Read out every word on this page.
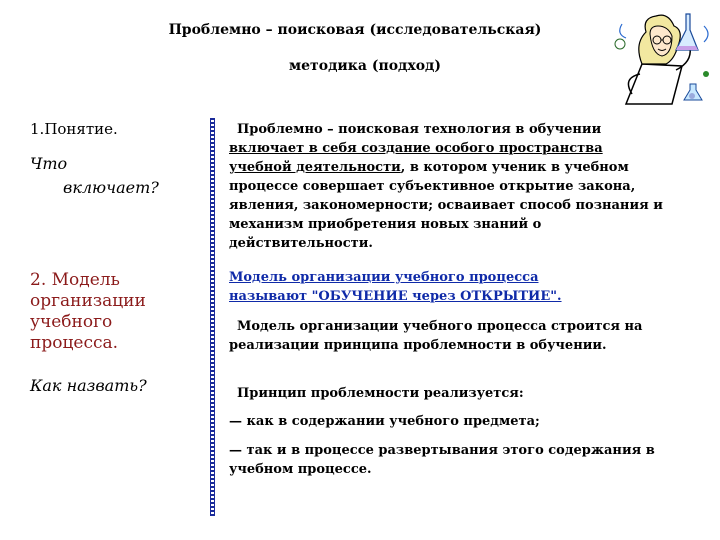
Проблемно – поисковая (исследовательская)
методика (подход)
1.Понятие.
Что
включает?
2. Модель
организации
учебного
процесса.
Как назвать?
Проблемно – поисковая технология в обучении
включает в себя создание особого пространства
учебной деятельности, в котором ученик в учебном процессе совершает субъективное открытие закона, явления, закономерности; осваивает способ познания и механизм приобретения новых знаний о действительности.
Модель организации учебного процесса
называют "ОБУЧЕНИЕ через ОТКРЫТИЕ".
Модель организации учебного процесса строится на реализации принципа проблемности в обучении.
Принцип проблемности реализуется:
— как в содержании учебного предмета;
— так и в процессе развертывания этого содержания в учебном процессе.
